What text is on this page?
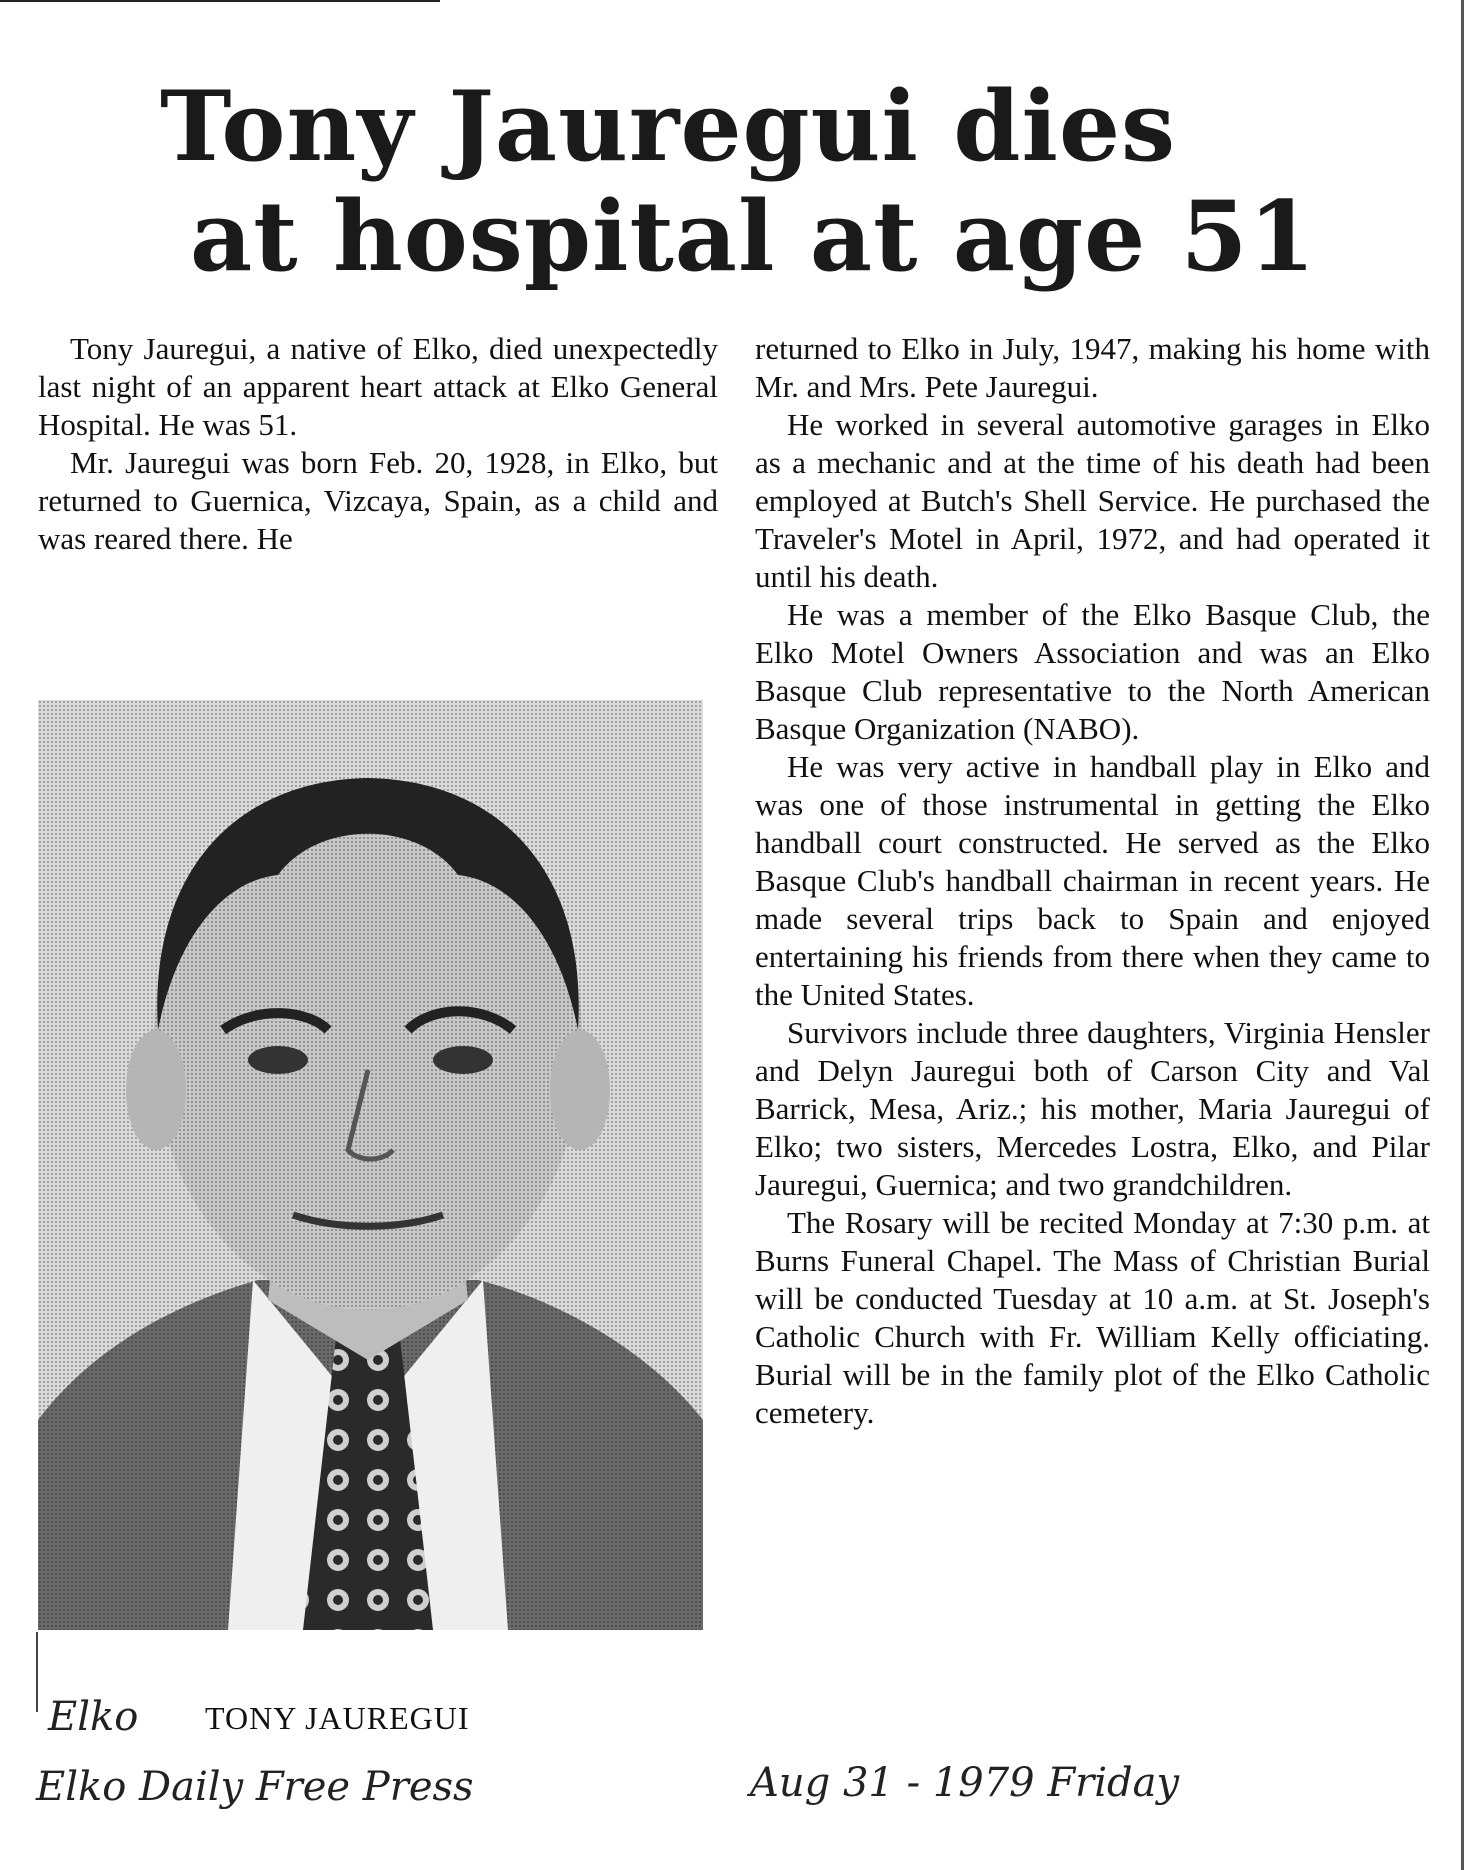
Tony Jauregui dies
at hospital at age 51

Tony Jauregui, a native of Elko, died unexpectedly last night of an apparent heart attack at Elko General Hospital. He was 51.

Mr. Jauregui was born Feb. 20, 1928, in Elko, but returned to Guernica, Vizcaya, Spain, as a child and was reared there. He

TONY JAUREGUI
Elko
Elko Daily Free Press	Aug 31 - 1979 Friday

returned to Elko in July, 1947, making his home with Mr. and Mrs. Pete Jauregui.

He worked in several automotive garages in Elko as a mechanic and at the time of his death had been employed at Butch's Shell Service. He purchased the Traveler's Motel in April, 1972, and had operated it until his death.

He was a member of the Elko Basque Club, the Elko Motel Owners Association and was an Elko Basque Club representative to the North American Basque Organization (NABO).

He was very active in handball play in Elko and was one of those instrumental in getting the Elko handball court constructed. He served as the Elko Basque Club's handball chairman in recent years. He made several trips back to Spain and enjoyed entertaining his friends from there when they came to the United States.

Survivors include three daughters, Virginia Hensler and Delyn Jauregui both of Carson City and Val Barrick, Mesa, Ariz.; his mother, Maria Jauregui of Elko; two sisters, Mercedes Lostra, Elko, and Pilar Jauregui, Guernica; and two grandchildren.

The Rosary will be recited Monday at 7:30 p.m. at Burns Funeral Chapel. The Mass of Christian Burial will be conducted Tuesday at 10 a.m. at St. Joseph's Catholic Church with Fr. William Kelly officiating. Burial will be in the family plot of the Elko Catholic cemetery.
